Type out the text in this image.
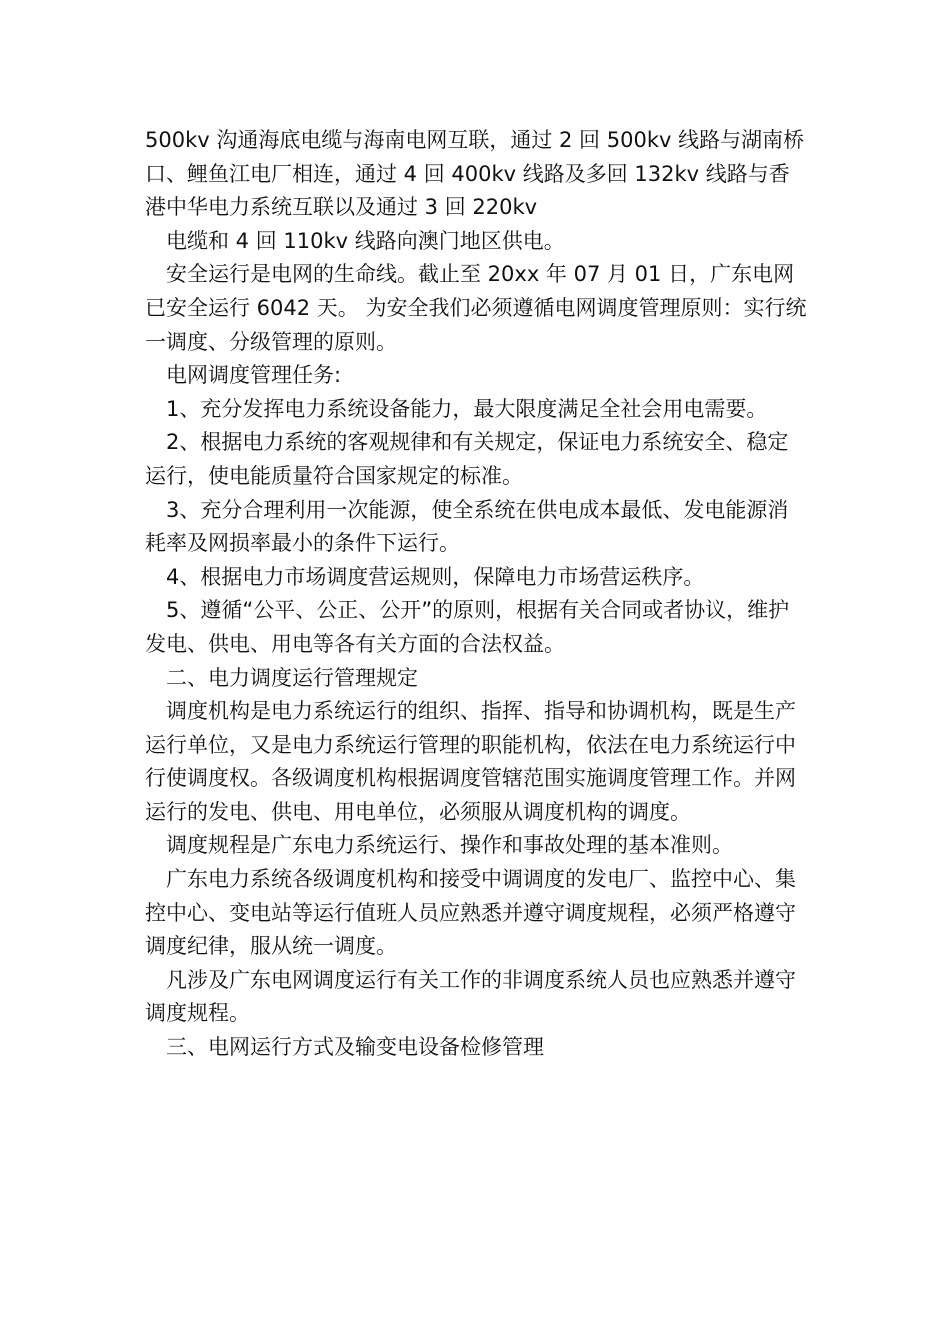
500kv 沟通海底电缆与海南电网互联，通过 2 回 500kv 线路与湖南桥口、鲤鱼江电厂相连，通过 4 回 400kv 线路及多回 132kv 线路与香港中华电力系统互联以及通过 3 回 220kv

电缆和 4 回 110kv 线路向澳门地区供电。

安全运行是电网的生命线。截止至 20xx 年 07 月 01 日，广东电网已安全运行 6042 天。 为安全我们必须遵循电网调度管理原则：实行统一调度、分级管理的原则。

电网调度管理任务:

1、充分发挥电力系统设备能力，最大限度满足全社会用电需要。

2、根据电力系统的客观规律和有关规定，保证电力系统安全、稳定运行，使电能质量符合国家规定的标准。

3、充分合理利用一次能源，使全系统在供电成本最低、发电能源消耗率及网损率最小的条件下运行。

4、根据电力市场调度营运规则，保障电力市场营运秩序。

5、遵循“公平、公正、公开”的原则，根据有关合同或者协议，维护发电、供电、用电等各有关方面的合法权益。

二、电力调度运行管理规定

调度机构是电力系统运行的组织、指挥、指导和协调机构，既是生产运行单位，又是电力系统运行管理的职能机构，依法在电力系统运行中行使调度权。各级调度机构根据调度管辖范围实施调度管理工作。并网运行的发电、供电、用电单位，必须服从调度机构的调度。

调度规程是广东电力系统运行、操作和事故处理的基本准则。

广东电力系统各级调度机构和接受中调调度的发电厂、监控中心、集控中心、变电站等运行值班人员应熟悉并遵守调度规程，必须严格遵守调度纪律，服从统一调度。

凡涉及广东电网调度运行有关工作的非调度系统人员也应熟悉并遵守调度规程。

三、电网运行方式及输变电设备检修管理
